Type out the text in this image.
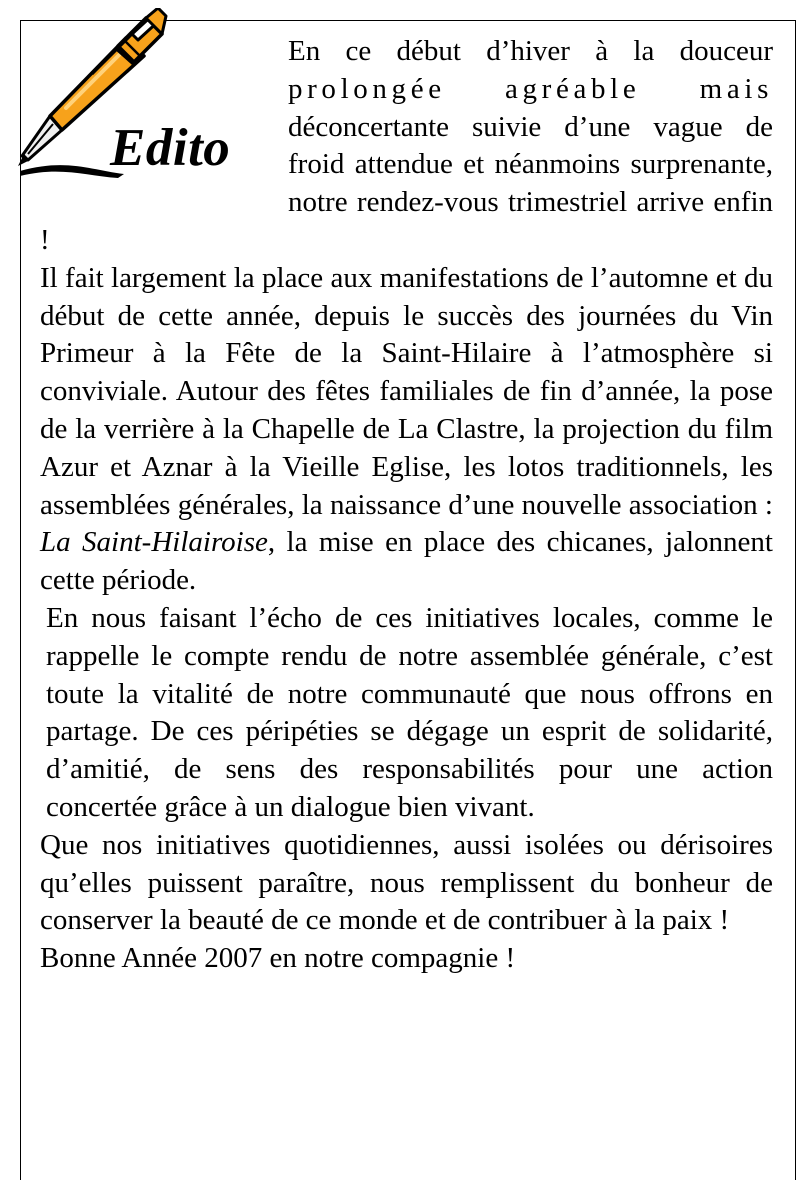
Edito

En ce début d’hiver à la douceur

prolongée agréable mais

déconcertante suivie d’une vague de froid attendue et néanmoins surprenante, notre rendez-vous trimestriel arrive enfin !

Il fait largement la place aux manifestations de l’automne et du début de cette année, depuis le succès des journées du Vin Primeur à la Fête de la Saint-Hilaire à l’atmosphère si conviviale. Autour des fêtes familiales de fin d’année, la pose de la verrière à la Chapelle de La Clastre, la projection du film Azur et Aznar à la Vieille Eglise, les lotos traditionnels, les assemblées générales, la naissance d’une nouvelle association : La Saint-Hilairoise, la mise en place des chicanes, jalonnent cette période.

En nous faisant l’écho de ces initiatives locales, comme le rappelle le compte rendu de notre assemblée générale, c’est toute la vitalité de notre communauté que nous offrons en partage. De ces péripéties se dégage un esprit de solidarité, d’amitié, de sens des responsabilités pour une action concertée grâce à un dialogue bien vivant.

Que nos initiatives quotidiennes, aussi isolées ou dérisoires qu’elles puissent paraître, nous remplissent du bonheur de conserver la beauté de ce monde et de contribuer à la paix !

Bonne Année 2007 en notre compagnie !
